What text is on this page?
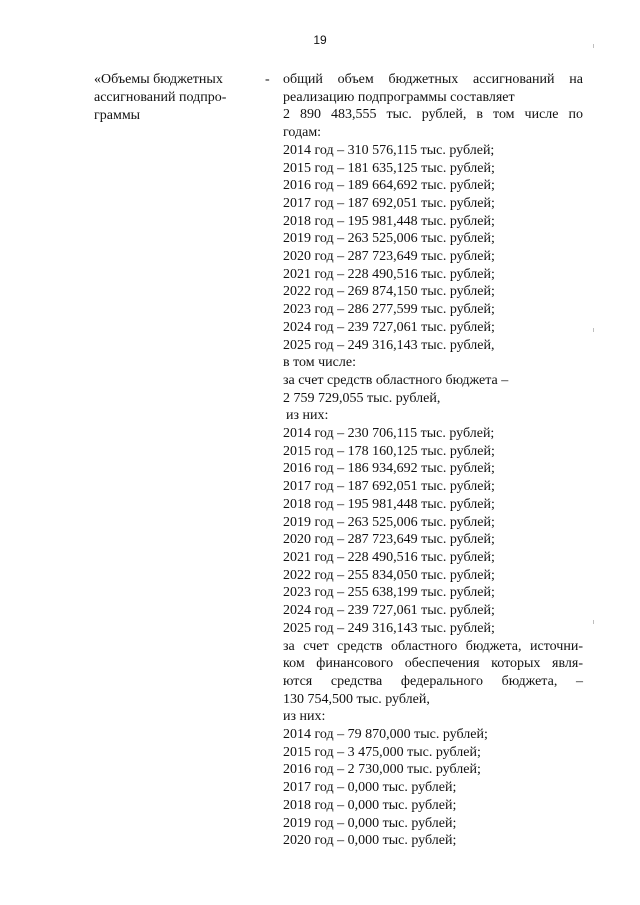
19
«Объемы бюджетных
ассигнований подпро-
граммы
- общий объем бюджетных ассигнований на
реализацию подпрограммы составляет
2 890 483,555 тыс. рублей, в том числе по
годам:
2014 год – 310 576,115 тыс. рублей;
2015 год – 181 635,125 тыс. рублей;
2016 год – 189 664,692 тыс. рублей;
2017 год – 187 692,051 тыс. рублей;
2018 год – 195 981,448 тыс. рублей;
2019 год – 263 525,006 тыс. рублей;
2020 год – 287 723,649 тыс. рублей;
2021 год – 228 490,516 тыс. рублей;
2022 год – 269 874,150 тыс. рублей;
2023 год – 286 277,599 тыс. рублей;
2024 год – 239 727,061 тыс. рублей;
2025 год – 249 316,143 тыс. рублей,
в том числе:
за счет средств областного бюджета –
2 759 729,055 тыс. рублей,
из них:
2014 год – 230 706,115 тыс. рублей;
2015 год – 178 160,125 тыс. рублей;
2016 год – 186 934,692 тыс. рублей;
2017 год – 187 692,051 тыс. рублей;
2018 год – 195 981,448 тыс. рублей;
2019 год – 263 525,006 тыс. рублей;
2020 год – 287 723,649 тыс. рублей;
2021 год – 228 490,516 тыс. рублей;
2022 год – 255 834,050 тыс. рублей;
2023 год – 255 638,199 тыс. рублей;
2024 год – 239 727,061 тыс. рублей;
2025 год – 249 316,143 тыс. рублей;
за счет средств областного бюджета, источни-
ком финансового обеспечения которых явля-
ются средства федерального бюджета, –
130 754,500 тыс. рублей,
из них:
2014 год – 79 870,000 тыс. рублей;
2015 год – 3 475,000 тыс. рублей;
2016 год – 2 730,000 тыс. рублей;
2017 год – 0,000 тыс. рублей;
2018 год – 0,000 тыс. рублей;
2019 год – 0,000 тыс. рублей;
2020 год – 0,000 тыс. рублей;
